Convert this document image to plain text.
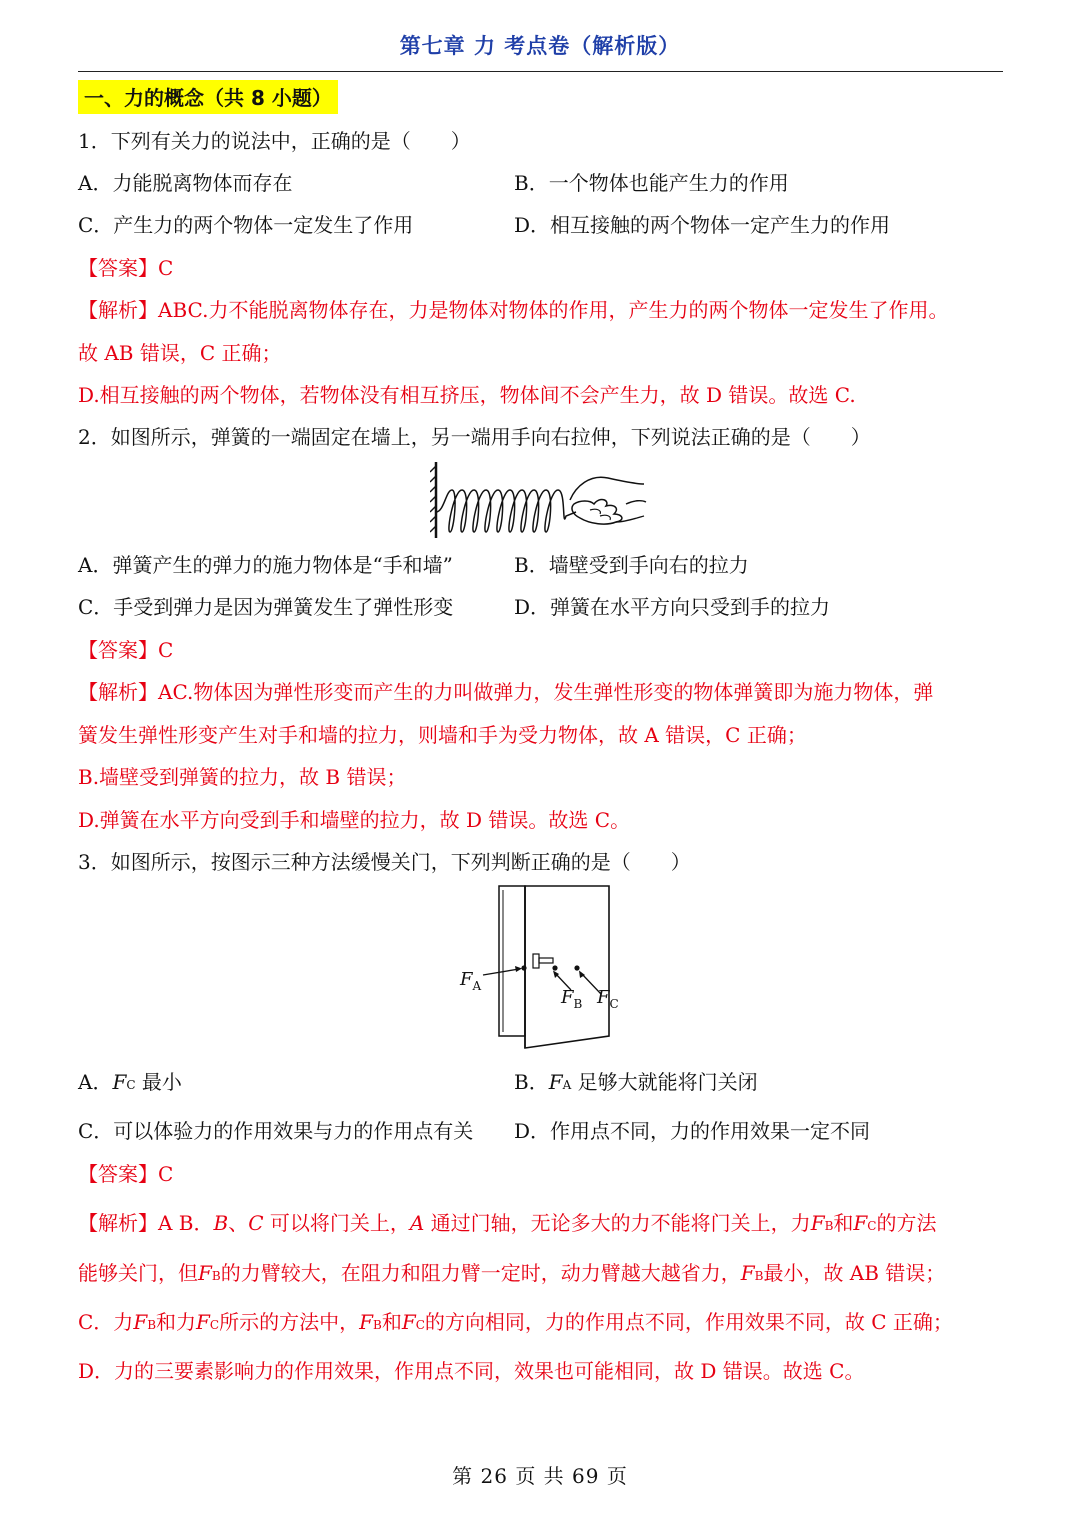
第七章 力 考点卷（解析版）
一、力的概念（共 8 小题）
1．下列有关力的说法中，正确的是（　　）
A．力能脱离物体而存在	B．一个物体也能产生力的作用
C．产生力的两个物体一定发生了作用	D．相互接触的两个物体一定产生力的作用
【答案】C
【解析】ABC.力不能脱离物体存在，力是物体对物体的作用，产生力的两个物体一定发生了作用。
故 AB 错误，C 正确；
D.相互接触的两个物体，若物体没有相互挤压，物体间不会产生力，故 D 错误。故选 C.
2．如图所示，弹簧的一端固定在墙上，另一端用手向右拉伸，下列说法正确的是（　　）
A．弹簧产生的弹力的施力物体是“手和墙”	B．墙壁受到手向右的拉力
C．手受到弹力是因为弹簧发生了弹性形变	D．弹簧在水平方向只受到手的拉力
【答案】C
【解析】AC.物体因为弹性形变而产生的力叫做弹力，发生弹性形变的物体弹簧即为施力物体，弹
簧发生弹性形变产生对手和墙的拉力，则墙和手为受力物体，故 A 错误，C 正确；
B.墙壁受到弹簧的拉力，故 B 错误；
D.弹簧在水平方向受到手和墙壁的拉力，故 D 错误。故选 C。
3．如图所示，按图示三种方法缓慢关门，下列判断正确的是（　　）
$F_A$
$F_B$ $F_C$
A．FC 最小	B．FA 足够大就能将门关闭
C．可以体验力的作用效果与力的作用点有关 D．作用点不同，力的作用效果一定不同
【答案】C
【解析】A B．B、C 可以将门关上，A 通过门轴，无论多大的力不能将门关上，力FB和FC的方法
能够关门，但FB的力臂较大，在阻力和阻力臂一定时，动力臂越大越省力，FB最小，故 AB 错误；
C．力FB和力FC所示的方法中，FB和FC的方向相同，力的作用点不同，作用效果不同，故 C 正确；
D．力的三要素影响力的作用效果，作用点不同，效果也可能相同，故 D 错误。故选 C。
第 26 页 共 69 页
